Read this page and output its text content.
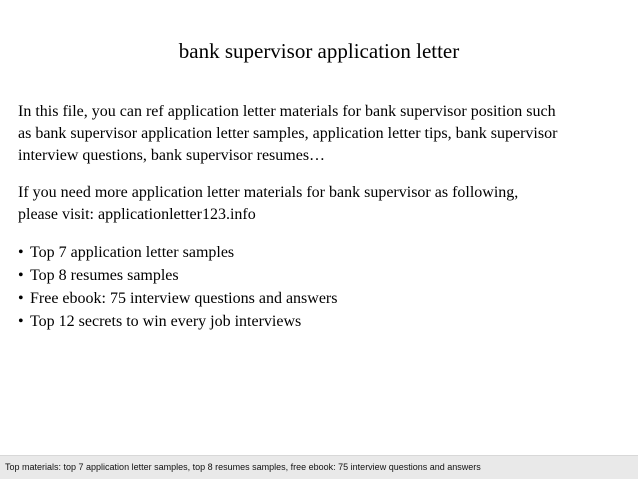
bank supervisor application letter

In this file, you can ref application letter materials for bank supervisor position such
as bank supervisor application letter samples, application letter tips, bank supervisor
interview questions, bank supervisor resumes…

If you need more application letter materials for bank supervisor as following,
please visit: applicationletter123.info

• Top 7 application letter samples
• Top 8 resumes samples
• Free ebook: 75 interview questions and answers
• Top 12 secrets to win every job interviews
Top materials: top 7 application letter samples, top 8 resumes samples, free ebook: 75 interview questions and answers
